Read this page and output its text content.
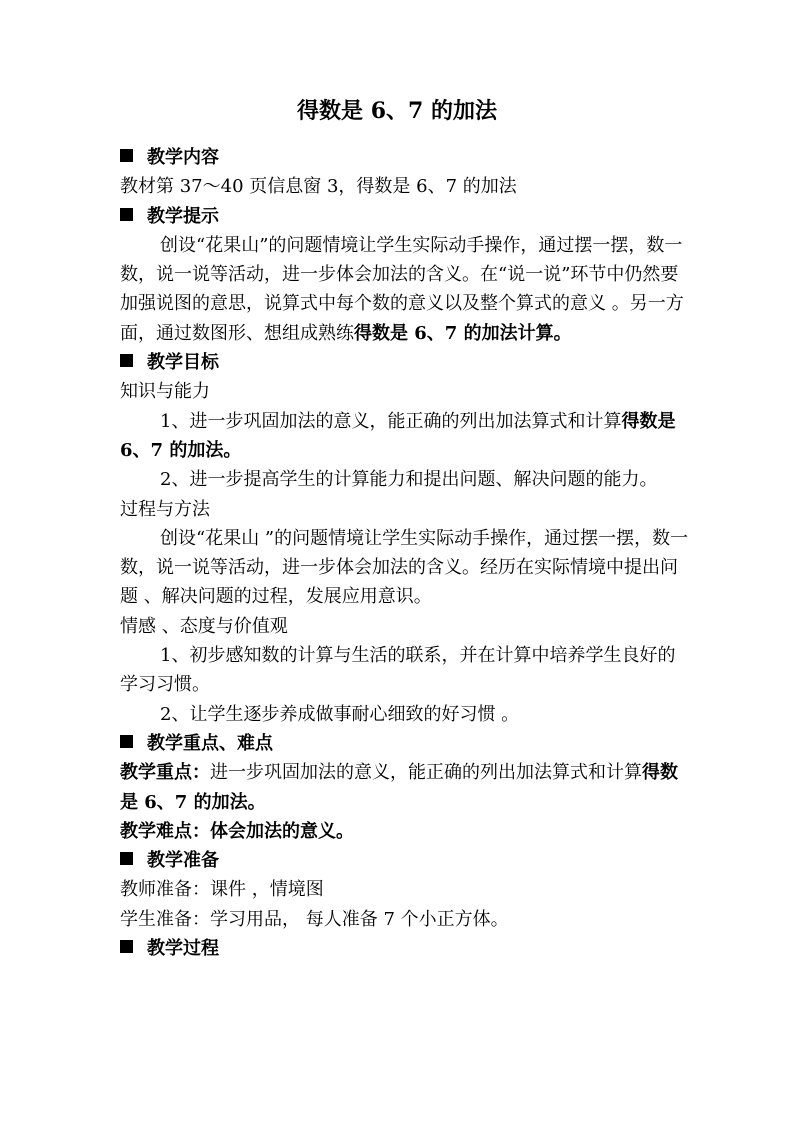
得数是 6、7 的加法

教学内容

教材第 37～40 页信息窗 3，得数是 6、7 的加法

教学提示

创设“花果山”的问题情境让学生实际动手操作，通过摆一摆，数一数，说一说等活动，进一步体会加法的含义。在“说一说”环节中仍然要加强说图的意思，说算式中每个数的意义以及整个算式的意义 。另一方面，通过数图形、想组成熟练得数是 6、7 的加法计算。

教学目标

知识与能力

1、进一步巩固加法的意义，能正确的列出加法算式和计算得数是 6、7 的加法。

2、进一步提高学生的计算能力和提出问题、解决问题的能力。

过程与方法

创设“花果山 ”的问题情境让学生实际动手操作，通过摆一摆，数一数，说一说等活动，进一步体会加法的含义。经历在实际情境中提出问题 、解决问题的过程，发展应用意识。

情感 、态度与价值观

1、初步感知数的计算与生活的联系，并在计算中培养学生良好的学习习惯。

2、让学生逐步养成做事耐心细致的好习惯 。

教学重点、难点

教学重点：进一步巩固加法的意义，能正确的列出加法算式和计算得数是 6、7 的加法。

教学难点：体会加法的意义。

教学准备

教师准备：课件 ，情境图

学生准备：学习用品， 每人准备 7 个小正方体。

教学过程
